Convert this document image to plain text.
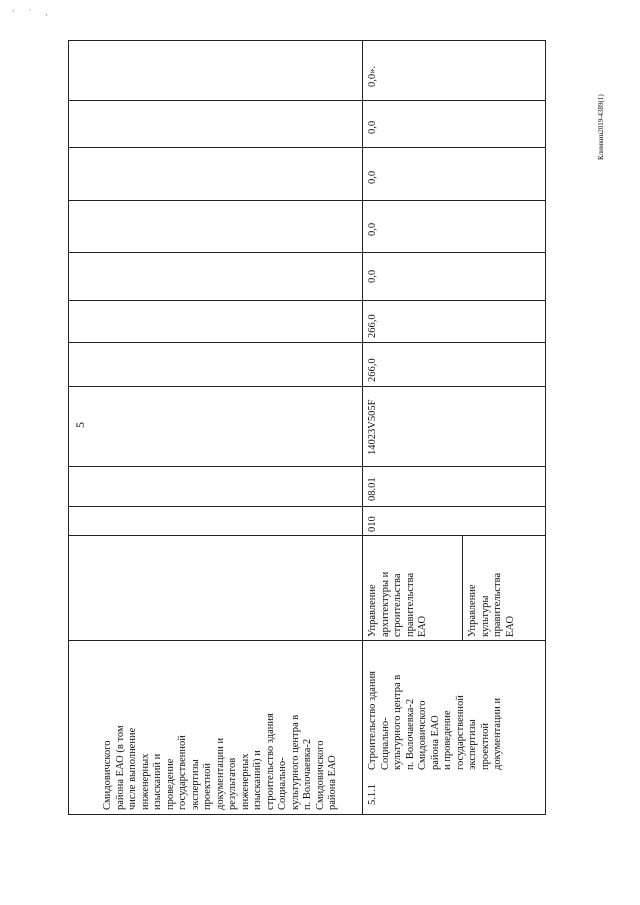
‘ ` ,
5
Климкин2019-4389(1)
Смидовичского
района ЕАО (в том
числе выполнение
инженерных
изысканий и
проведение
государственной
экспертизы
проектной
документации и
результатов
инженерных
изысканий) и
строительство здания
Социально-
культурного центра в
п. Волочаевка-2
Смидовичского
района ЕАО
5.1.1
Строительство здания
Социально-
культурного центра в
п. Волочаевка-2
Смидовичского
района ЕАО
и проведение
государственной
экспертизы
проектной
документации и
Управление
архитектуры и
строительства
правительства
ЕАО	Управление
культуры
правительства
ЕАО
010
08.01
14023V505F
266,0
266,0
0,0
0,0
0,0
0,0
0,0».
